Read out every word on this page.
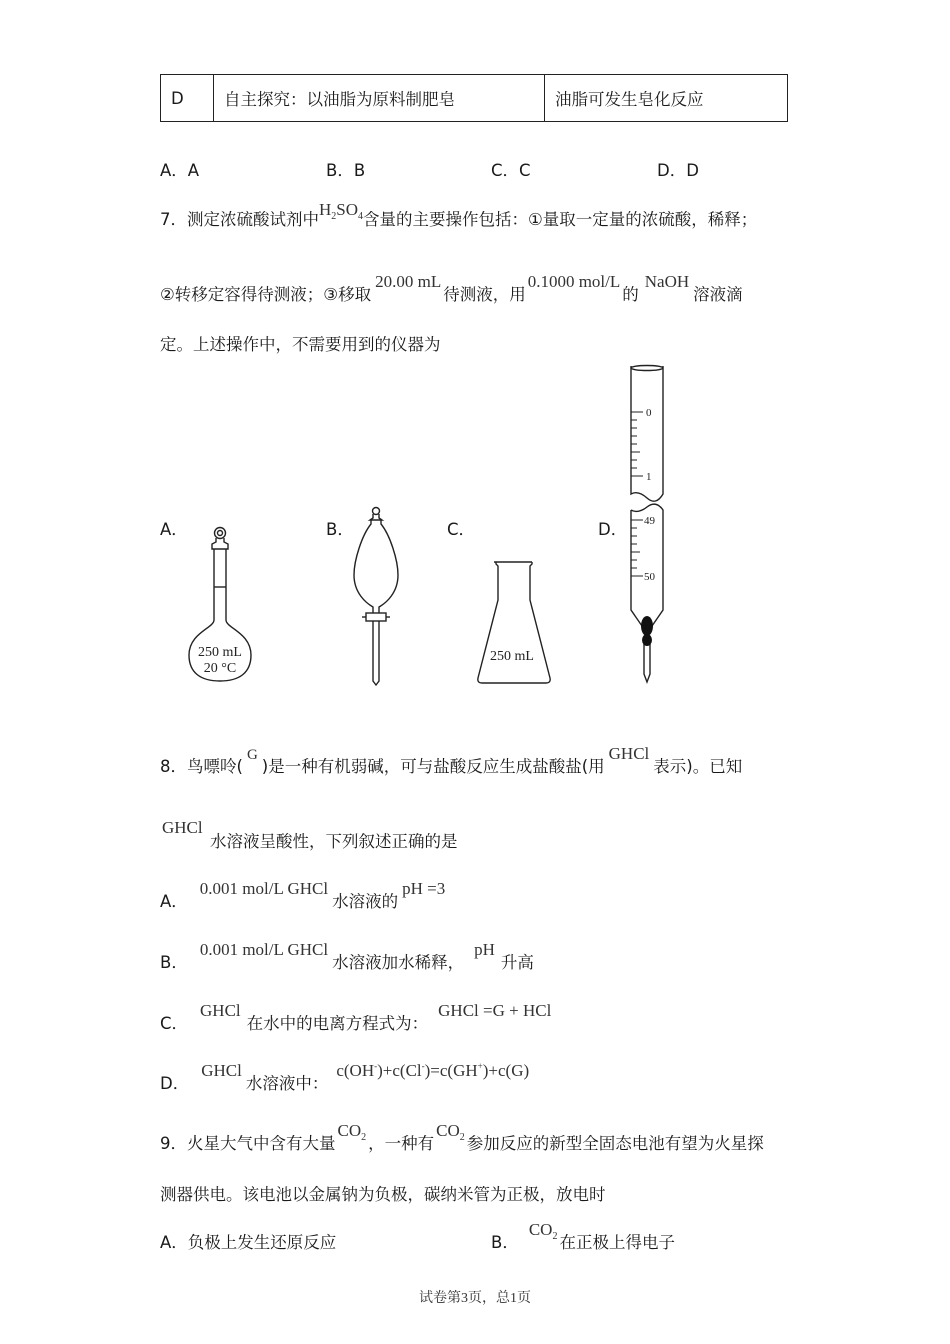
D	自主探究：以油脂为原料制肥皂	油脂可发生皂化反应
A．A	B．B	C．C	D．D
7．测定浓硫酸试剂中$H_2SO_4$含量的主要操作包括：①量取一定量的浓硫酸，稀释；
②转移定容得待测液；③移取20.00 mL待测液，用0.1000 mol/L的NaOH溶液滴
定。上述操作中，不需要用到的仪器为
A．	B．	C．	D．
250 mL
20 °C
250 mL
0
1
49
50
8．鸟嘌呤(G)是一种有机弱碱，可与盐酸反应生成盐酸盐(用GHCl表示)。已知
GHCl
水溶液呈酸性，下列叙述正确的是
A．0.001 mol/L GHCl水溶液的pH =3
B．0.001 mol/L GHCl水溶液加水稀释，pH升高
C．GHCl在水中的电离方程式为：GHCl =G + HCl
D．GHCl水溶液中：c(OH-)+c(Cl-)=c(GH+)+c(G)
9．火星大气中含有大量$CO_2$ ，一种有$CO_2$ 参加反应的新型全固态电池有望为火星探
测器供电。该电池以金属钠为负极，碳纳米管为正极，放电时
A．负极上发生还原反应	B．$CO_2$ 在正极上得电子
试卷第3页，总1页
